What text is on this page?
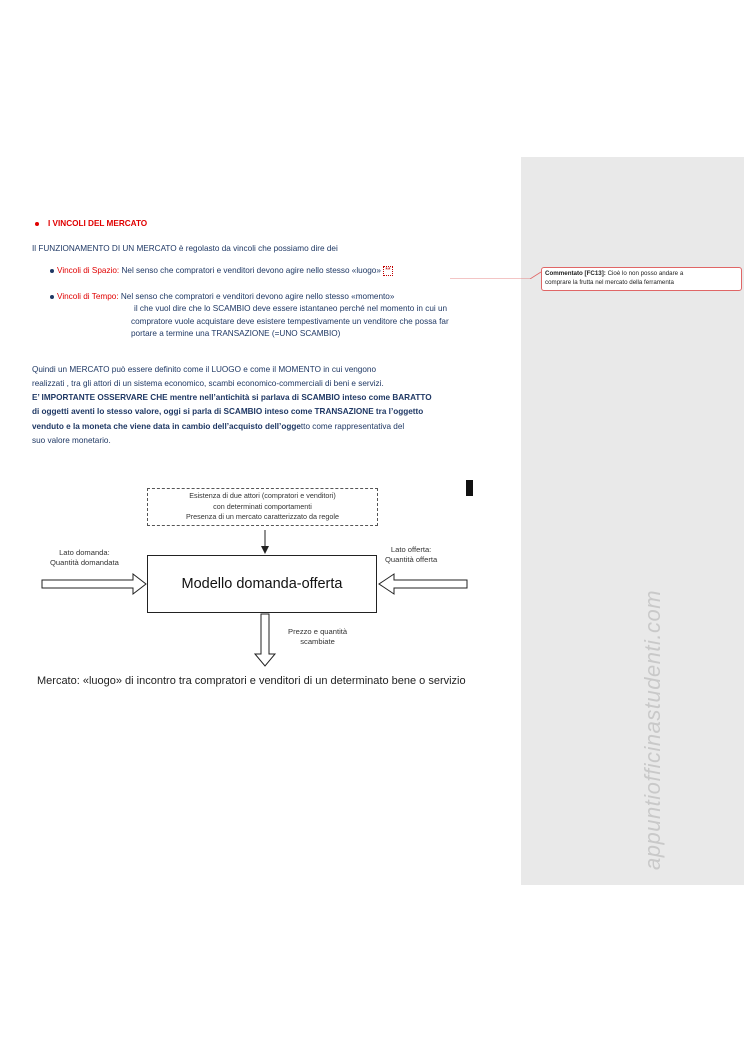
Commentato [FC13]: Cioè lo non posso andare a
comprare la frutta nel mercato della ferramenta
appuntiofficinastudenti.com
I VINCOLI DEL MERCATO
Il FUNZIONAMENTO DI UN MERCATO è regolasto da vincoli che possiamo dire dei
Vincoli di Spazio: Nel senso che compratori e venditori devono agire nello stesso «luogo» **
Vincoli di Tempo: Nel senso che compratori e venditori devono agire nello stesso «momento»
il che vuol dire che lo SCAMBIO deve essere istantaneo perché nel momento in cui un
compratore vuole acquistare deve esistere tempestivamente un venditore che possa far
portare a termine una TRANSAZIONE (=UNO SCAMBIO)
Quindi un MERCATO può essere definito come il LUOGO e come il MOMENTO in cui vengono
realizzati , tra gli attori di un sistema economico, scambi economico-commerciali di beni e servizi.
E’ IMPORTANTE OSSERVARE CHE mentre nell’antichità si parlava di SCAMBIO inteso come BARATTO
di oggetti aventi lo stesso valore, oggi si parla di SCAMBIO inteso come TRANSAZIONE tra l’oggetto
venduto e la moneta che viene data in cambio dell’acquisto dell’oggetto come rappresentativa del
suo valore monetario.
Esistenza di due attori (compratori e venditori)
con determinati comportamenti
Presenza di un mercato caratterizzato da regole
Lato domanda:
Quantità domandata
Lato offerta:
Quantità offerta
Modello domanda-offerta
Prezzo e quantità
scambiate
Mercato: «luogo» di incontro tra compratori e venditori di un determinato bene o servizio
